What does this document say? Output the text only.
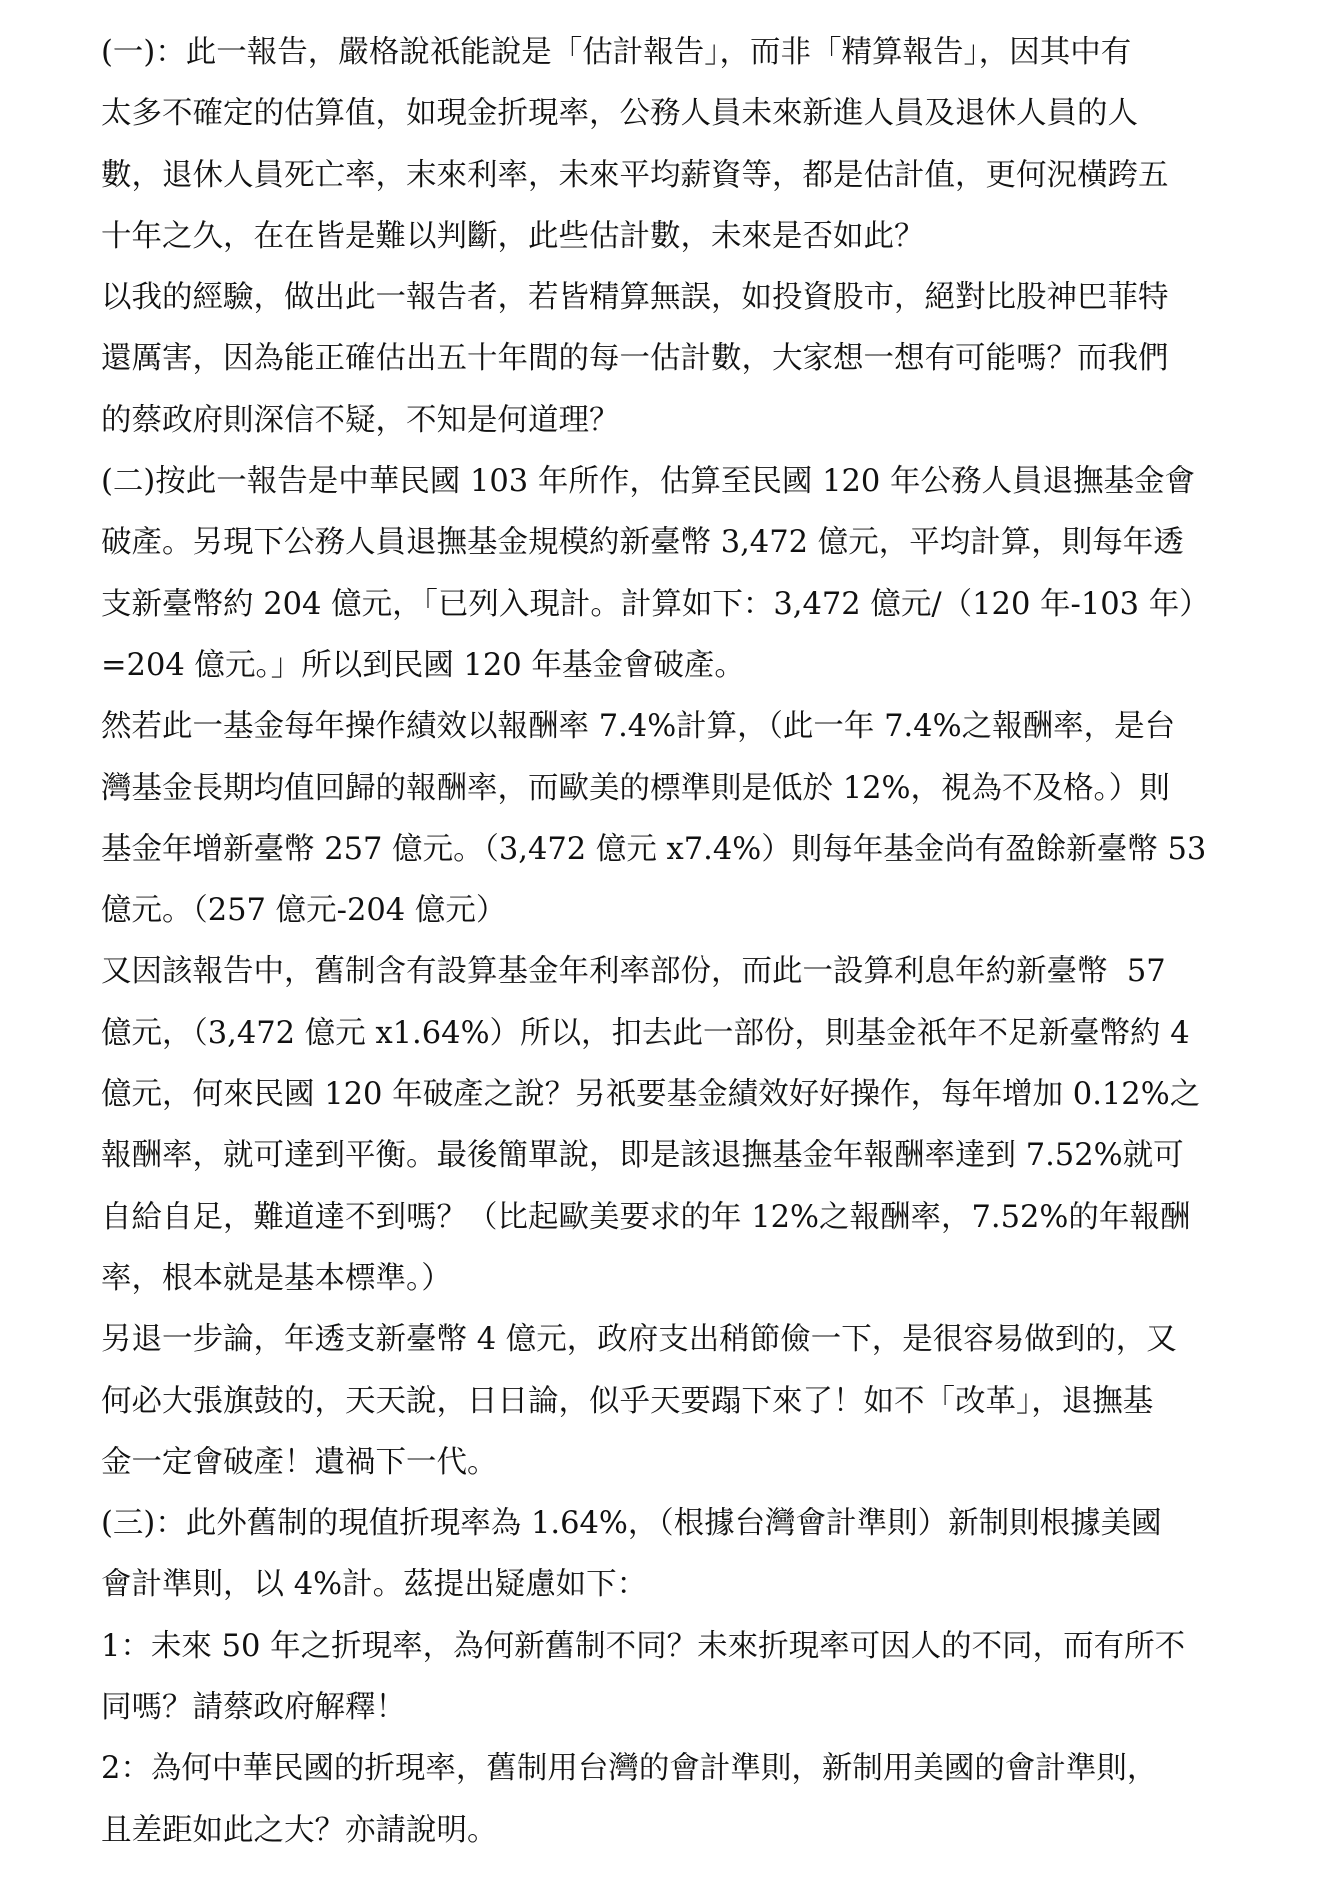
(一)：此一報告，嚴格說祇能說是「估計報告」，而非「精算報告」，因其中有
太多不確定的估算值，如現金折現率，公務人員未來新進人員及退休人員的人
數，退休人員死亡率，末來利率，未來平均薪資等，都是估計值，更何況橫跨五
十年之久，在在皆是難以判斷，此些估計數，未來是否如此？
以我的經驗，做出此一報告者，若皆精算無誤，如投資股市，絕對比股神巴菲特
還厲害，因為能正確估出五十年間的每一估計數，大家想一想有可能嗎？而我們
的蔡政府則深信不疑，不知是何道理？
(二)按此一報告是中華民國 103 年所作，估算至民國 120 年公務人員退撫基金會
破產。另現下公務人員退撫基金規模約新臺幣 3,472 億元，平均計算，則每年透
支新臺幣約 204 億元，「已列入現計。計算如下：3,472 億元/（120 年-103 年）
=204 億元。」所以到民國 120 年基金會破產。
然若此一基金每年操作績效以報酬率 7.4%計算，（此一年 7.4%之報酬率，是台
灣基金長期均值回歸的報酬率，而歐美的標準則是低於 12%，視為不及格。）則
基金年增新臺幣 257 億元。（3,472 億元 x7.4%）則每年基金尚有盈餘新臺幣 53
億元。（257 億元-204 億元）
又因該報告中，舊制含有設算基金年利率部份，而此一設算利息年約新臺幣  57
億元，（3,472 億元 x1.64%）所以，扣去此一部份，則基金祇年不足新臺幣約 4
億元，何來民國 120 年破產之說？另祇要基金績效好好操作，每年增加 0.12%之
報酬率，就可達到平衡。最後簡單說，即是該退撫基金年報酬率達到 7.52%就可
自給自足，難道達不到嗎？（比起歐美要求的年 12%之報酬率，7.52%的年報酬
率，根本就是基本標準。）
另退一步論，年透支新臺幣 4 億元，政府支出稍節儉一下，是很容易做到的，又
何必大張旗鼓的，天天說，日日論，似乎天要蹋下來了！如不「改革」，退撫基
金一定會破產！遺禍下一代。
(三)：此外舊制的現值折現率為 1.64%，（根據台灣會計準則）新制則根據美國
會計準則，以 4%計。茲提出疑慮如下：
1：未來 50 年之折現率，為何新舊制不同？未來折現率可因人的不同，而有所不
同嗎？請蔡政府解釋！
2：為何中華民國的折現率，舊制用台灣的會計準則，新制用美國的會計準則，
且差距如此之大？亦請說明。
